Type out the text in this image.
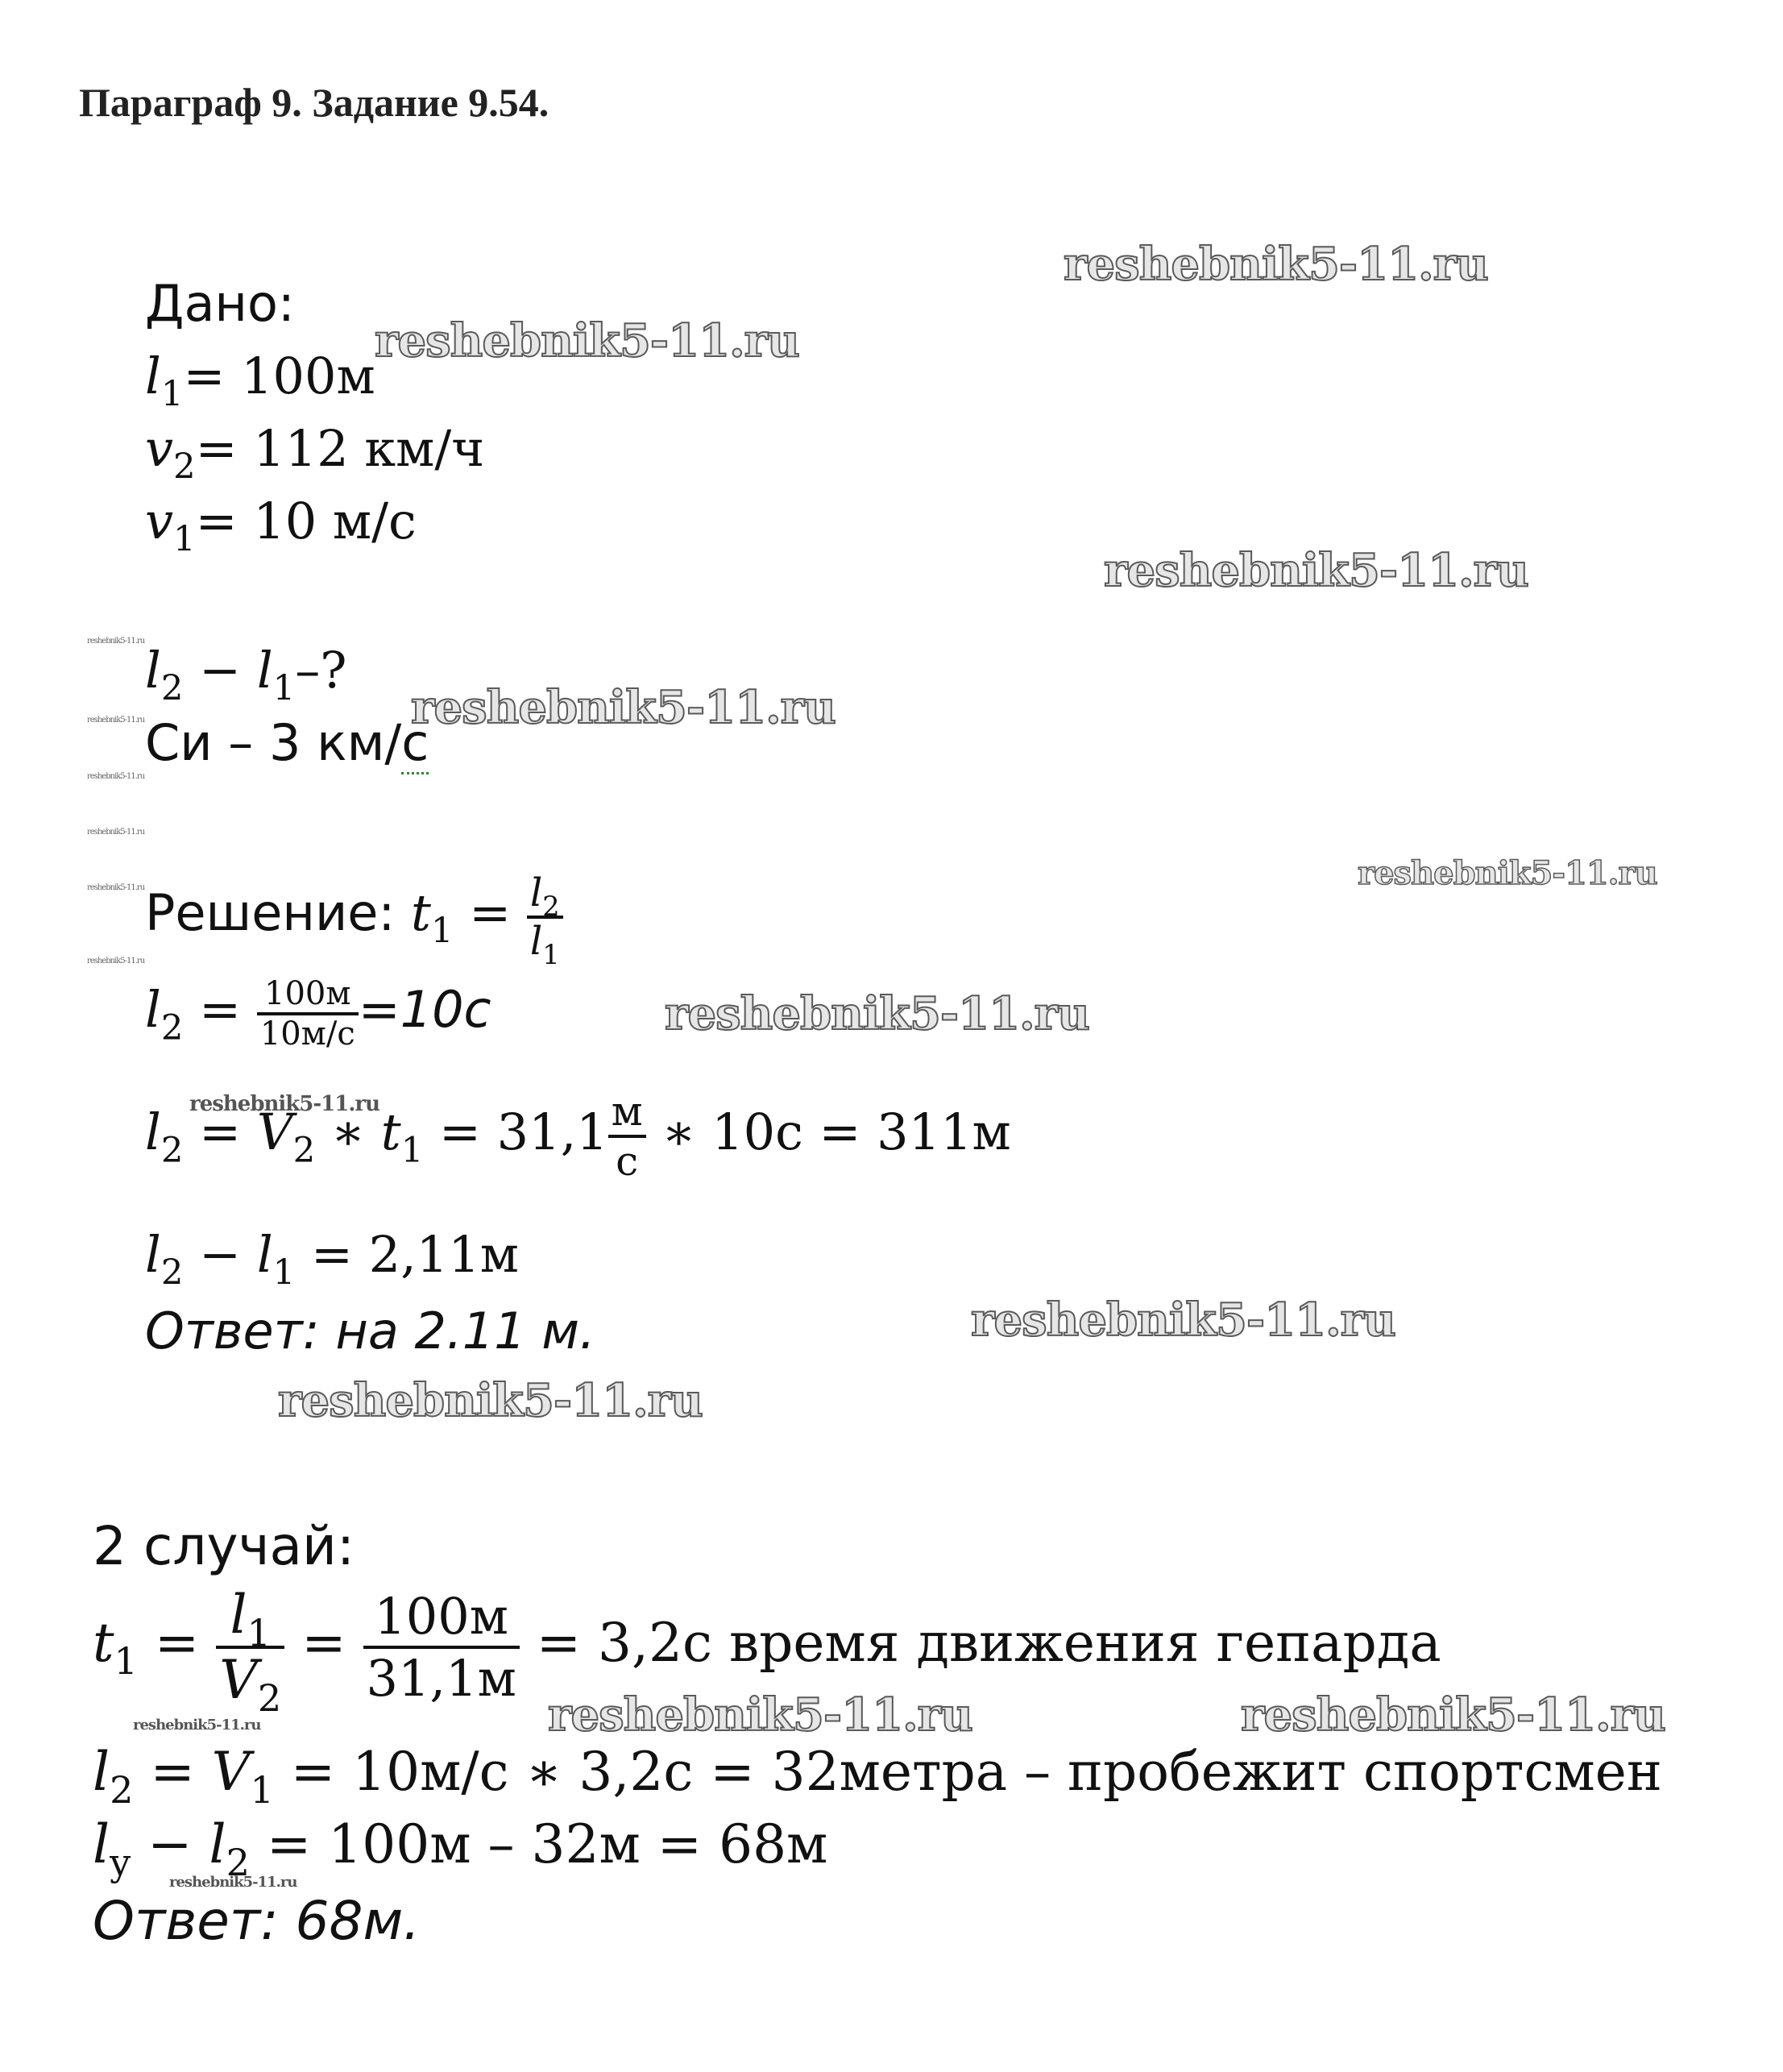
Параграф 9. Задание 9.54.
Дано:
$l_1= 100м$
$v_2= 112$ км/ч
$v_1= 10$ м/с
$l_2 - l_1-$?
Си – 3 км/с
Решение: $t_1 = \frac{l_2}{l_1}$
$l_2 = \frac{100м}{10м/с} =10с$
$l_2 = V_2$ ∗ $t_1 = 31,1 \frac{м}{с}$ ∗ 10с = 311м
$l_2 - l_1 = 2,11м$
Ответ: на 2.11 м.
2 случай:
$t_1 = \frac{l_1}{V_2} = \frac{100м}{31,1м} = 3,2с$ время движения гепарда
$l_2 = V_1 = 10м/с$ ∗ 3,2с = 32метра – пробежит спортсмен
$l_y - l_2 = 100м - 32м = 68м$
Ответ: 68м.
reshebnik5-11.ru
reshebnik5-11.ru
reshebnik5-11.ru
reshebnik5-11.ru
reshebnik5-11.ru
reshebnik5-11.ru
reshebnik5-11.ru
reshebnik5-11.ru
reshebnik5-11.ru
reshebnik5-11.ru	reshebnik5-11.ru
reshebnik5-11.ru
reshebnik5-11.ru
reshebnik5-11.ru
reshebnik5-11.ru
reshebnik5-11.ru
reshebnik5-11.ru
reshebnik5-11.ru
reshebnik5-11.ru
